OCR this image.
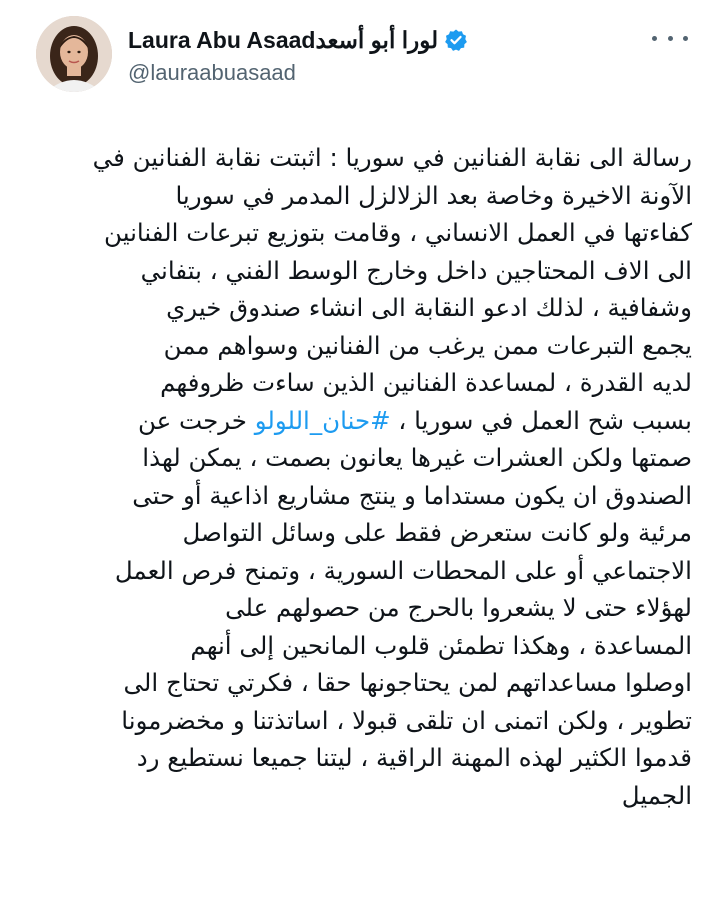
Laura Abu Asaadلورا أبو أسعد
@lauraabuasaad
رسالة الى نقابة الفنانين في سوريا : اثبتت نقابة الفنانين في
الآونة الاخيرة وخاصة بعد الزلالزل المدمر في سوريا
كفاءتها في العمل الانساني ، وقامت بتوزيع تبرعات الفنانين
الى الاف المحتاجين داخل وخارج الوسط الفني ، بتفاني
وشفافية ، لذلك ادعو النقابة الى انشاء صندوق خيري
يجمع التبرعات ممن يرغب من الفنانين وسواهم ممن
لديه القدرة ، لمساعدة الفنانين الذين ساءت ظروفهم
بسبب شح العمل في سوريا ، #حنان_اللولو خرجت عن
صمتها ولكن العشرات غيرها يعانون بصمت ، يمكن لهذا
الصندوق ان يكون مستداما و ينتج مشاريع اذاعية أو حتى
مرئية ولو كانت ستعرض فقط على وسائل التواصل
الاجتماعي أو على المحطات السورية ، وتمنح فرص العمل
لهؤلاء حتى لا يشعروا بالحرج من حصولهم على
المساعدة ، وهكذا تطمئن قلوب المانحين إلى أنهم
اوصلوا مساعداتهم لمن يحتاجونها حقا ، فكرتي تحتاج الى
تطوير ، ولكن اتمنى ان تلقى قبولا ، اساتذتنا و مخضرمونا
قدموا الكثير لهذه المهنة الراقية ، ليتنا جميعا نستطيع رد
الجميل
